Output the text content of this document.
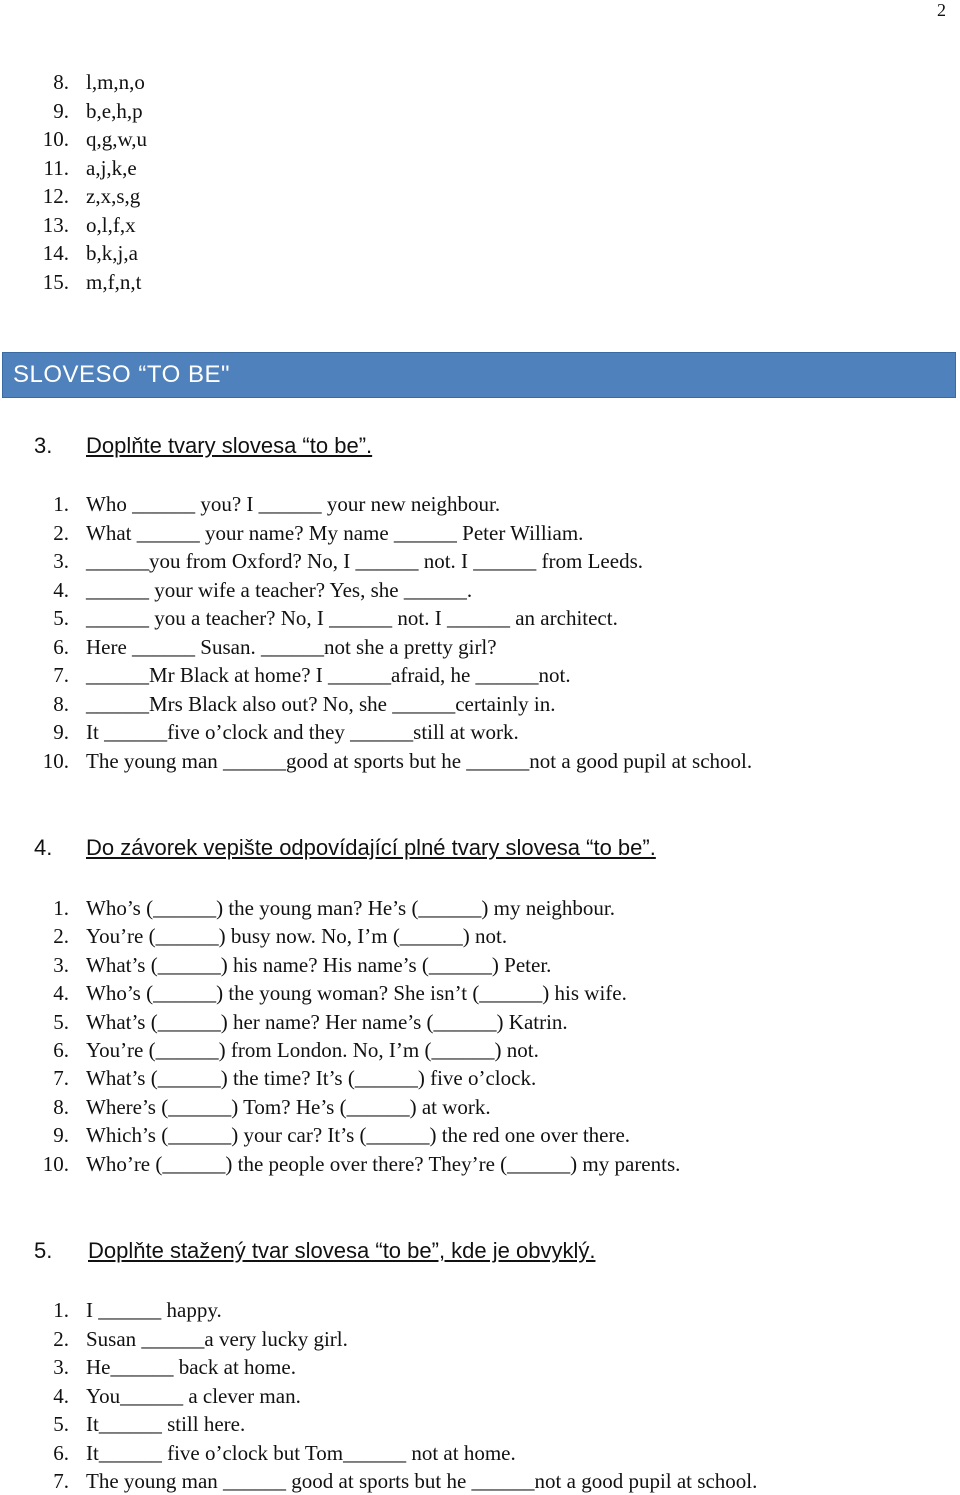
2
8. l,m,n,o
9. b,e,h,p
10. q,g,w,u
11. a,j,k,e
12. z,x,s,g
13. o,l,f,x
14. b,k,j,a
15. m,f,n,t
SLOVESO “TO BE"
3. Doplňte tvary slovesa “to be”.
1. Who ______ you? I ______ your new neighbour.
2. What ______ your name? My name ______ Peter William.
3. ______you from Oxford? No, I ______ not. I ______ from Leeds.
4. ______ your wife a teacher? Yes, she ______.
5. ______ you a teacher? No, I ______ not. I ______ an architect.
6. Here ______ Susan. ______not she a pretty girl?
7. ______Mr Black at home? I ______afraid, he ______not.
8. ______Mrs Black also out? No, she ______certainly in.
9. It ______five o’clock and they ______still at work.
10. The young man ______good at sports but he ______not a good pupil at school.
4. Do závorek vepište odpovídající plné tvary slovesa “to be”.
1. Who’s (______) the young man? He’s (______) my neighbour.
2. You’re (______) busy now. No, I’m (______) not.
3. What’s (______) his name? His name’s (______) Peter.
4. Who’s (______) the young woman? She isn’t (______) his wife.
5. What’s (______) her name? Her name’s (______) Katrin.
6. You’re (______) from London. No, I’m (______) not.
7. What’s (______) the time? It’s (______) five o’clock.
8. Where’s (______) Tom? He’s (______) at work.
9. Which’s (______) your car? It’s (______) the red one over there.
10. Who’re (______) the people over there? They’re (______) my parents.
5. Doplňte stažený tvar slovesa “to be”, kde je obvyklý.
1. I ______ happy.
2. Susan ______a very lucky girl.
3. He______ back at home.
4. You______ a clever man.
5. It______ still here.
6. It______ five o’clock but Tom______ not at home.
7. The young man ______ good at sports but he ______not a good pupil at school.
